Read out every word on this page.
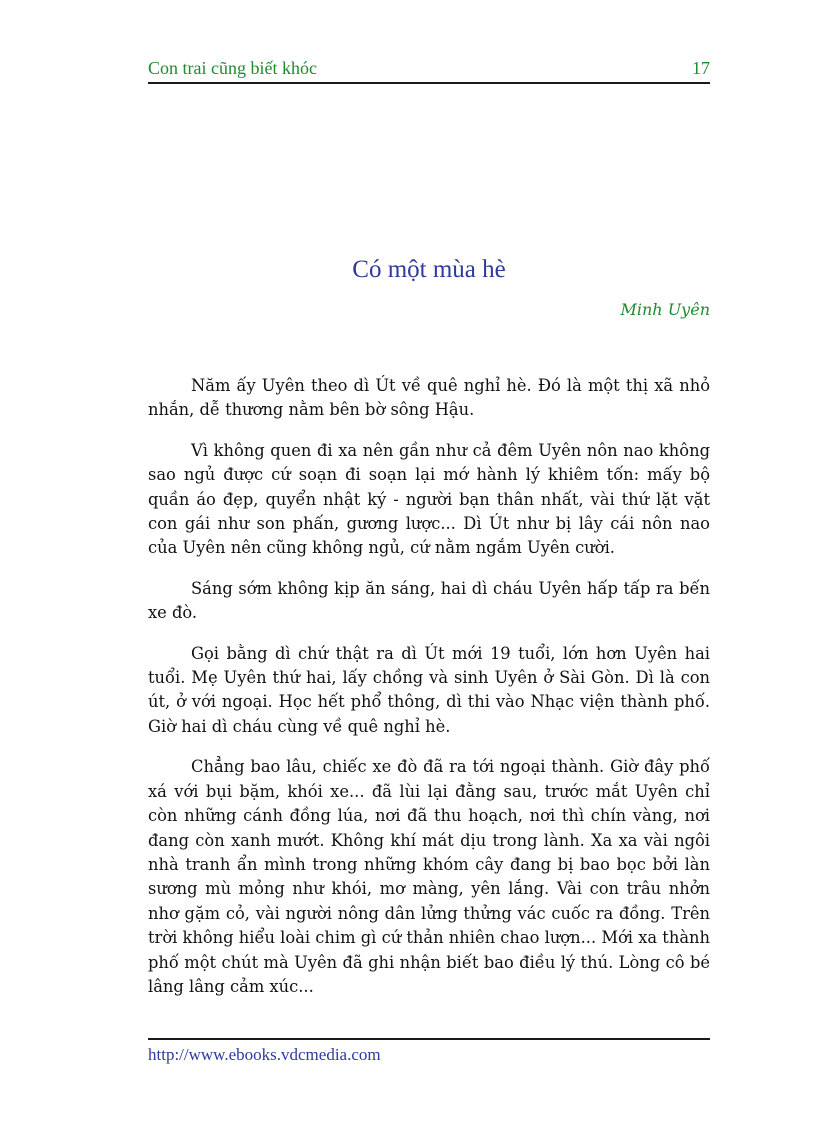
Con trai cũng biết khóc	17
Có một mùa hè
Minh Uyên

Năm ấy Uyên theo dì Út về quê nghỉ hè. Đó là một thị xã nhỏ nhắn, dễ thương nằm bên bờ sông Hậu.

Vì không quen đi xa nên gần như cả đêm Uyên nôn nao không sao ngủ được cứ soạn đi soạn lại mớ hành lý khiêm tốn: mấy bộ quần áo đẹp, quyển nhật ký - người bạn thân nhất, vài thứ lặt vặt con gái như son phấn, gương lược... Dì Út như bị lây cái nôn nao của Uyên nên cũng không ngủ, cứ nằm ngắm Uyên cười.

Sáng sớm không kịp ăn sáng, hai dì cháu Uyên hấp tấp ra bến xe đò.

Gọi bằng dì chứ thật ra dì Út mới 19 tuổi, lớn hơn Uyên hai tuổi. Mẹ Uyên thứ hai, lấy chồng và sinh Uyên ở Sài Gòn. Dì là con út, ở với ngoại. Học hết phổ thông, dì thi vào Nhạc viện thành phố. Giờ hai dì cháu cùng về quê nghỉ hè.

Chẳng bao lâu, chiếc xe đò đã ra tới ngoại thành. Giờ đây phố xá với bụi bặm, khói xe... đã lùi lại đằng sau, trước mắt Uyên chỉ còn những cánh đồng lúa, nơi đã thu hoạch, nơi thì chín vàng, nơi đang còn xanh mướt. Không khí mát dịu trong lành. Xa xa vài ngôi nhà tranh ẩn mình trong những khóm cây đang bị bao bọc bởi làn sương mù mỏng như khói, mơ màng, yên lắng. Vài con trâu nhởn nhơ gặm cỏ, vài người nông dân lửng thửng vác cuốc ra đồng. Trên trời không hiểu loài chim gì cứ thản nhiên chao lượn... Mới xa thành phố một chút mà Uyên đã ghi nhận biết bao điều lý thú. Lòng cô bé lâng lâng cảm xúc...

http://www.ebooks.vdcmedia.com
